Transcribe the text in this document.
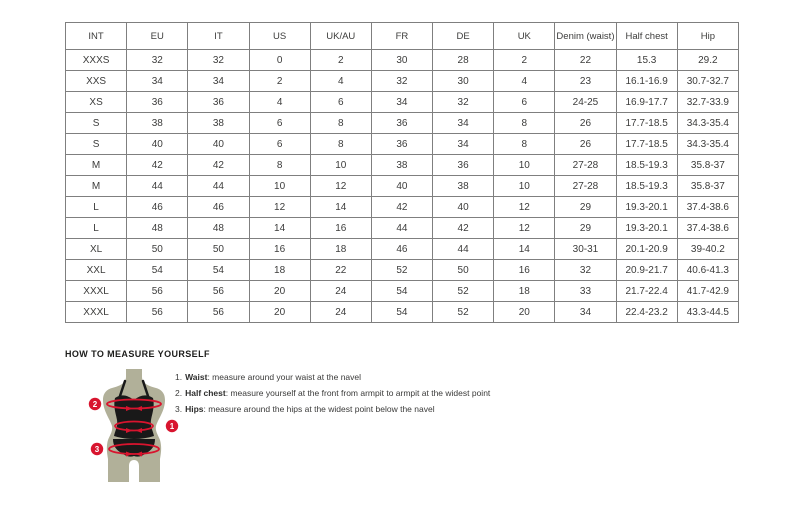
INT	EU	IT	US	UK/AU	FR	DE	UK	Denim (waist)	Half chest	Hip
XXXS	32	32	0	2	30	28	2	22	15.3	29.2
XXS	34	34	2	4	32	30	4	23	16.1-16.9	30.7-32.7
XS	36	36	4	6	34	32	6	24-25	16.9-17.7	32.7-33.9
S	38	38	6	8	36	34	8	26	17.7-18.5	34.3-35.4
S	40	40	6	8	36	34	8	26	17.7-18.5	34.3-35.4
M	42	42	8	10	38	36	10	27-28	18.5-19.3	35.8-37
M	44	44	10	12	40	38	10	27-28	18.5-19.3	35.8-37
L	46	46	12	14	42	40	12	29	19.3-20.1	37.4-38.6
L	48	48	14	16	44	42	12	29	19.3-20.1	37.4-38.6
XL	50	50	16	18	46	44	14	30-31	20.1-20.9	39-40.2
XXL	54	54	18	22	52	50	16	32	20.9-21.7	40.6-41.3
XXXL	56	56	20	24	54	52	18	33	21.7-22.4	41.7-42.9
XXXL	56	56	20	24	54	52	20	34	22.4-23.2	43.3-44.5
HOW TO MEASURE YOURSELF
2
1
3

1. Waist: measure around your waist at the navel

2. Half chest: measure yourself at the front from armpit to armpit at the widest point

3. Hips: measure around the hips at the widest point below the navel
